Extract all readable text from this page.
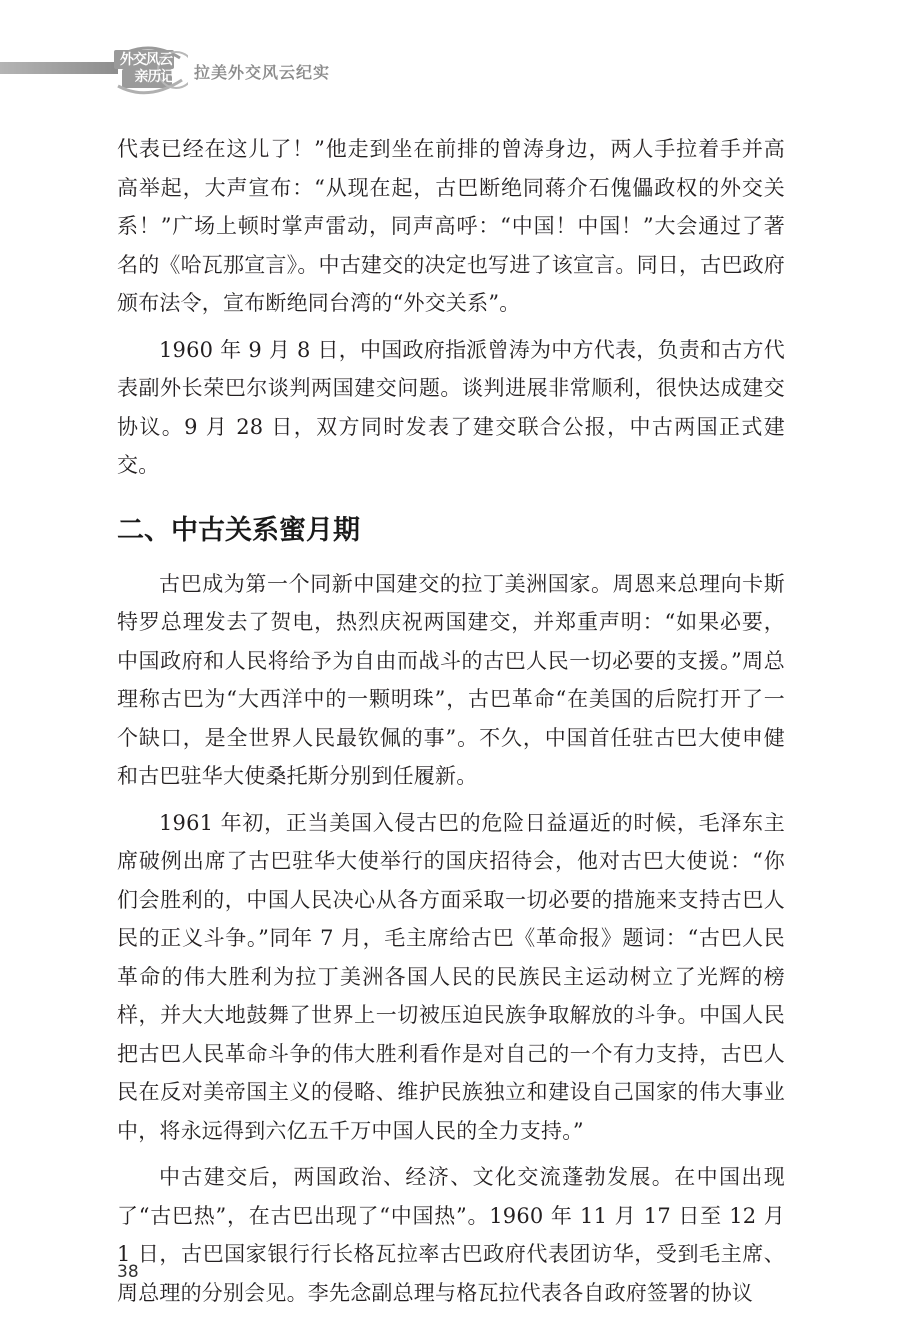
外交风云
亲历记	拉美外交风云纪实

代表已经在这儿了！”他走到坐在前排的曾涛身边，两人手拉着手并高高举起，大声宣布：“从现在起，古巴断绝同蒋介石傀儡政权的外交关系！”广场上顿时掌声雷动，同声高呼：“中国！中国！”大会通过了著名的《哈瓦那宣言》。中古建交的决定也写进了该宣言。同日，古巴政府颁布法令，宣布断绝同台湾的“外交关系”。

1960 年 9 月 8 日，中国政府指派曾涛为中方代表，负责和古方代表副外长荣巴尔谈判两国建交问题。谈判进展非常顺利，很快达成建交协议。9 月 28 日，双方同时发表了建交联合公报，中古两国正式建交。

二、中古关系蜜月期

古巴成为第一个同新中国建交的拉丁美洲国家。周恩来总理向卡斯特罗总理发去了贺电，热烈庆祝两国建交，并郑重声明：“如果必要，中国政府和人民将给予为自由而战斗的古巴人民一切必要的支援。”周总理称古巴为“大西洋中的一颗明珠”，古巴革命“在美国的后院打开了一个缺口，是全世界人民最钦佩的事”。不久，中国首任驻古巴大使申健和古巴驻华大使桑托斯分别到任履新。

1961 年初，正当美国入侵古巴的危险日益逼近的时候，毛泽东主席破例出席了古巴驻华大使举行的国庆招待会，他对古巴大使说：“你们会胜利的，中国人民决心从各方面采取一切必要的措施来支持古巴人民的正义斗争。”同年 7 月，毛主席给古巴《革命报》题词：“古巴人民革命的伟大胜利为拉丁美洲各国人民的民族民主运动树立了光辉的榜样，并大大地鼓舞了世界上一切被压迫民族争取解放的斗争。中国人民把古巴人民革命斗争的伟大胜利看作是对自己的一个有力支持，古巴人民在反对美帝国主义的侵略、维护民族独立和建设自己国家的伟大事业中，将永远得到六亿五千万中国人民的全力支持。”

中古建交后，两国政治、经济、文化交流蓬勃发展。在中国出现了“古巴热”，在古巴出现了“中国热”。1960 年 11 月 17 日至 12 月 1 日，古巴国家银行行长格瓦拉率古巴政府代表团访华，受到毛主席、周总理的分别会见。李先念副总理与格瓦拉代表各自政府签署的协议

38
